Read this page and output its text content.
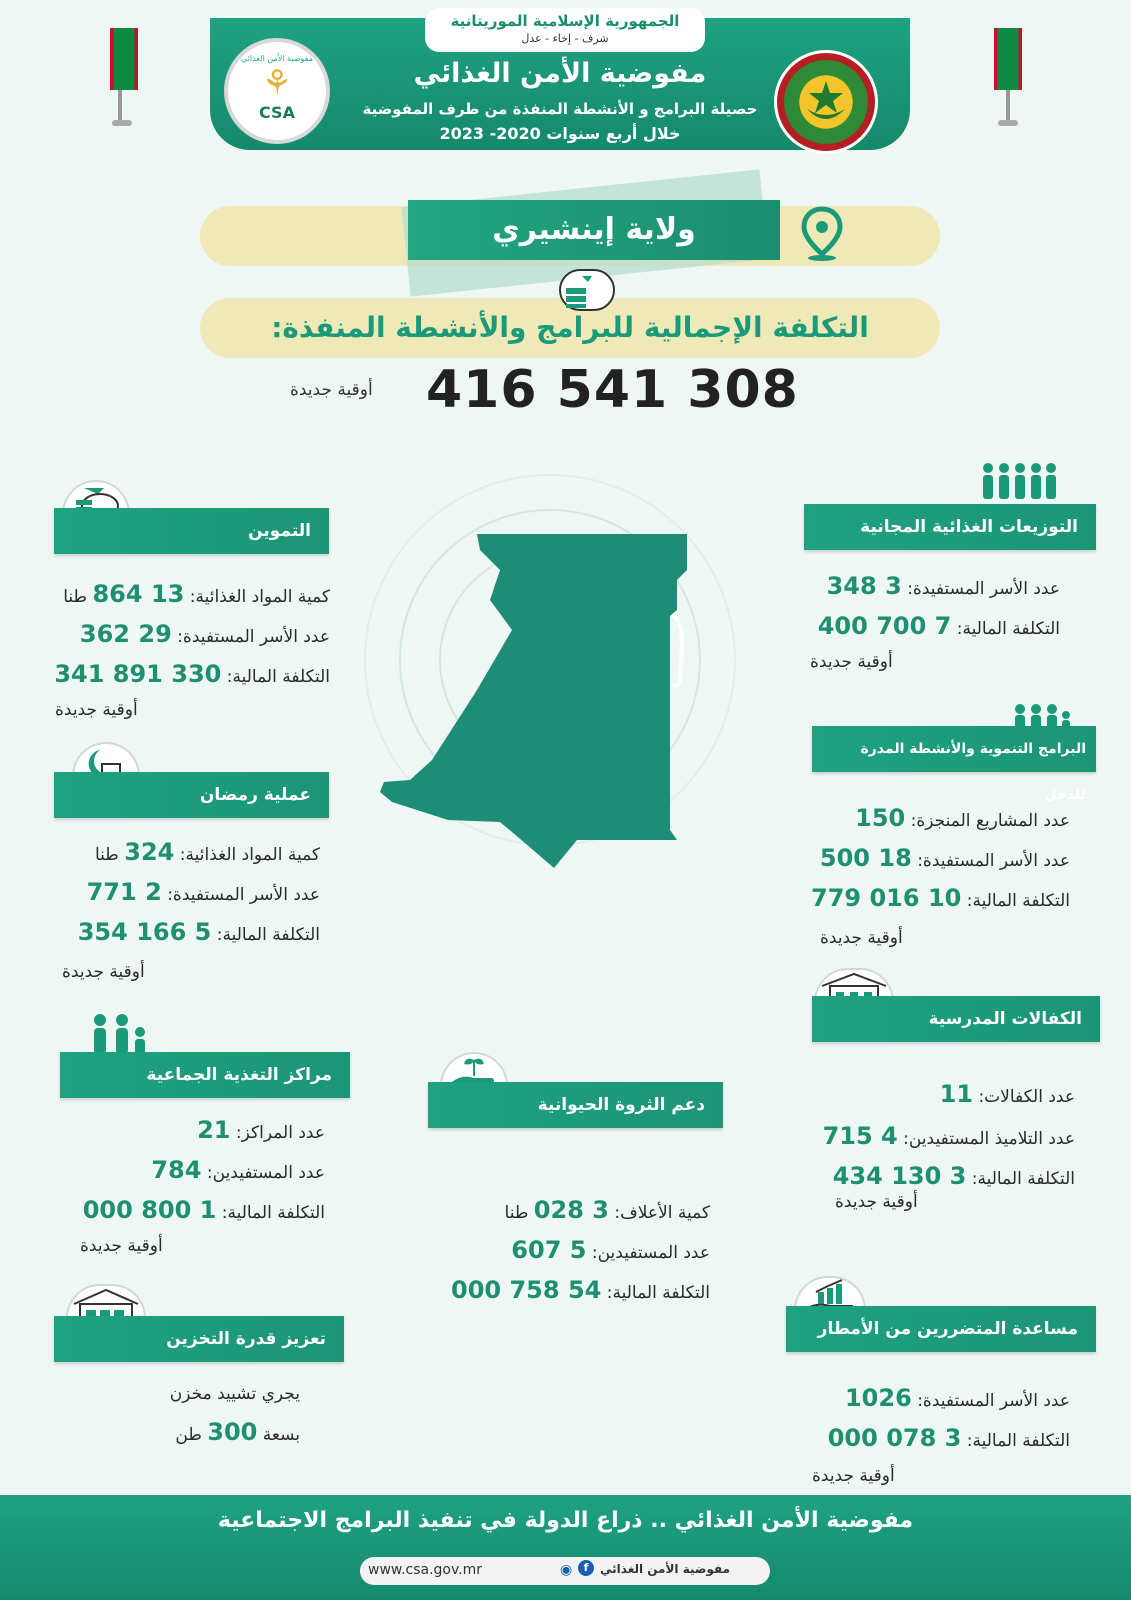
الجمهورية الإسلامية الموريتانية
شرف - إخاء - عدل
مفوضية الأمن الغذائي
حصيلة البرامج و الأنشطة المنفذة من طرف المفوضية
خلال أربع سنوات 2020- 2023
مفوضية الأمن الغذائي
⚘
CSA
ولاية إينشيري
التكلفة الإجمالية للبرامج والأنشطة المنفذة:
416 541 308
أوقية جديدة
التموين
كمية المواد الغذائية: 13 864 طنا
عدد الأسر المستفيدة: 29 362
التكلفة المالية: 330 891 341
أوقية جديدة
عملية رمضان
كمية المواد الغذائية: 324 طنا
عدد الأسر المستفيدة: 2 771
التكلفة المالية: 5 166 354
أوقية جديدة
مراكز التغذية الجماعية
عدد المراكز: 21
عدد المستفيدين: 784
التكلفة المالية: 1 800 000
أوقية جديدة
تعزيز قدرة التخزين
يجري تشييد مخزن
بسعة 300 طن
دعم الثروة الحيوانية
كمية الأعلاف: 3 028 طنا
عدد المستفيدين: 5 607
التكلفة المالية: 54 758 000
التوزيعات الغذائية المجانية
عدد الأسر المستفيدة: 3 348
التكلفة المالية: 7 700 400
أوقية جديدة
البرامج التنموية والأنشطة المدرة للدخل
عدد المشاريع المنجزة: 150
عدد الأسر المستفيدة: 18 500
التكلفة المالية: 10 016 779
أوقية جديدة
الكفالات المدرسية
عدد الكفالات: 11
عدد التلاميذ المستفيدين: 4 715
التكلفة المالية: 3 130 434
أوقية جديدة
مساعدة المتضررين من الأمطار
عدد الأسر المستفيدة: 1026
التكلفة المالية: 3 078 000
أوقية جديدة
مفوضية الأمن الغذائي .. ذراع الدولة في تنفيذ البرامج الاجتماعية
◉
www.csa.gov.mr	f مفوضية الأمن الغذائي
